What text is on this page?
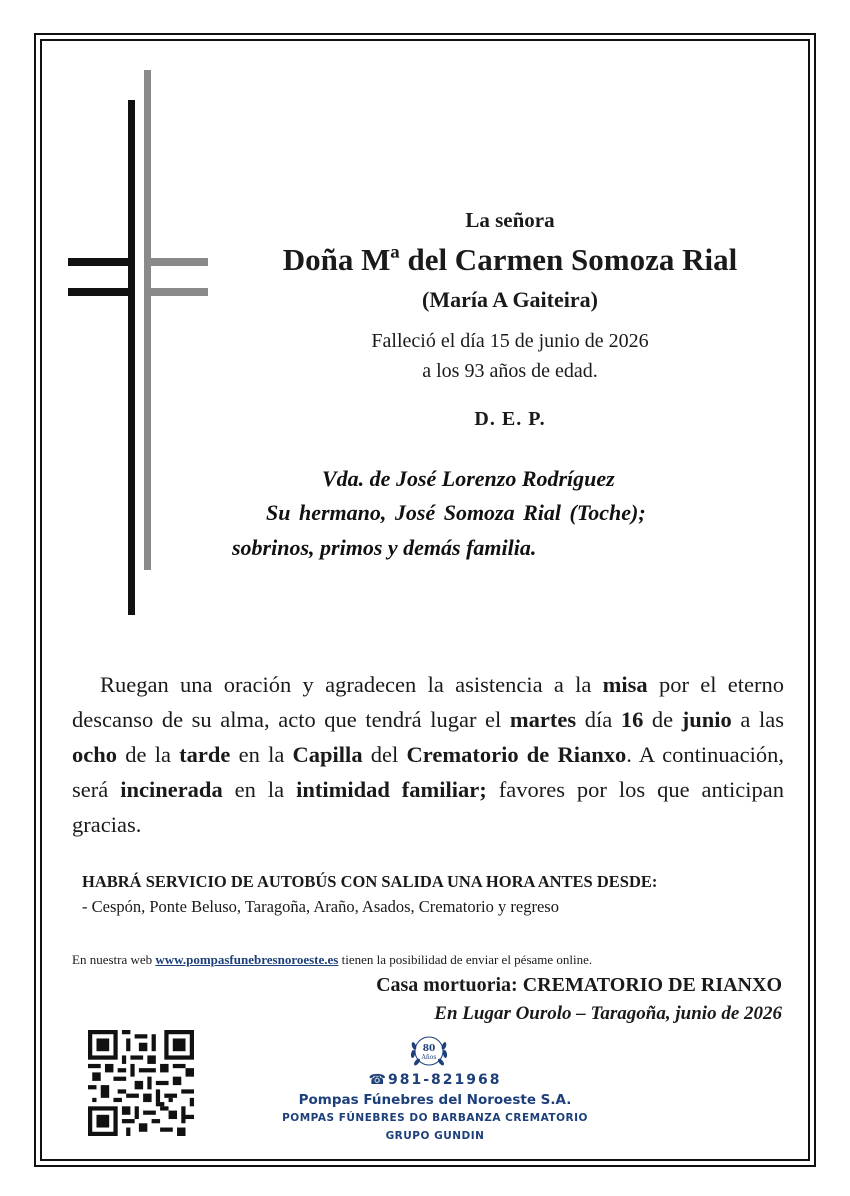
La señora
Doña Mª del Carmen Somoza Rial
(María A Gaiteira)
Falleció el día 15 de junio de 2026
a los 93 años de edad.
D. E. P.
Vda. de José Lorenzo Rodríguez
Su hermano, José Somoza Rial (Toche);
sobrinos, primos y demás familia.
Ruegan una oración y agradecen la asistencia a la misa por el eterno descanso de su alma, acto que tendrá lugar el martes día 16 de junio a las ocho de la tarde en la Capilla del Crematorio de Rianxo. A continuación, será incinerada en la intimidad familiar; favores por los que anticipan gracias.
HABRÁ SERVICIO DE AUTOBÚS CON SALIDA UNA HORA ANTES DESDE:
- Cespón, Ponte Beluso, Taragoña, Araño, Asados, Crematorio y regreso
En nuestra web www.pompasfunebresnoroeste.es tienen la posibilidad de enviar el pésame online.
Casa mortuoria: CREMATORIO DE RIANXO
En Lugar Ourolo – Taragoña, junio de 2026
80
Años
☎981-821968
Pompas Fúnebres del Noroeste S.A.
POMPAS FÚNEBRES DO BARBANZA CREMATORIO
GRUPO GUNDIN
